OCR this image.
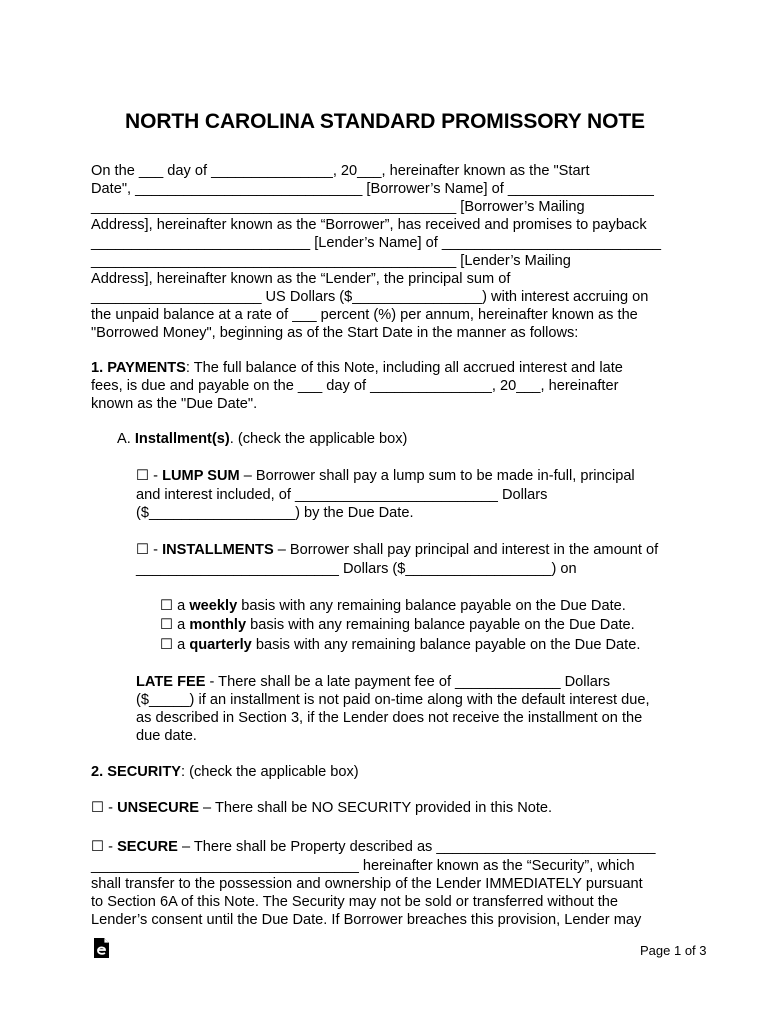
NORTH CAROLINA STANDARD PROMISSORY NOTE
On the ___ day of _______________, 20___, hereinafter known as the "Start
Date", ____________________________ [Borrower’s Name] of __________________
_____________________________________________ [Borrower’s Mailing
Address], hereinafter known as the “Borrower”, has received and promises to payback
___________________________ [Lender’s Name] of ___________________________
_____________________________________________ [Lender’s Mailing
Address], hereinafter known as the “Lender”, the principal sum of
_____________________ US Dollars ($________________) with interest accruing on
the unpaid balance at a rate of ___ percent (%) per annum, hereinafter known as the
"Borrowed Money", beginning as of the Start Date in the manner as follows:
1. PAYMENTS: The full balance of this Note, including all accrued interest and late
fees, is due and payable on the ___ day of _______________, 20___, hereinafter
known as the "Due Date".
A. Installment(s). (check the applicable box)
☐ - LUMP SUM – Borrower shall pay a lump sum to be made in-full, principal
and interest included, of _________________________ Dollars
($__________________) by the Due Date.
☐ - INSTALLMENTS – Borrower shall pay principal and interest in the amount of
_________________________ Dollars ($__________________) on
☐ a weekly basis with any remaining balance payable on the Due Date.
☐ a monthly basis with any remaining balance payable on the Due Date.
☐ a quarterly basis with any remaining balance payable on the Due Date.
LATE FEE - There shall be a late payment fee of _____________ Dollars
($_____) if an installment is not paid on-time along with the default interest due,
as described in Section 3, if the Lender does not receive the installment on the
due date.
2. SECURITY: (check the applicable box)
☐ - UNSECURE – There shall be NO SECURITY provided in this Note.
☐ - SECURE – There shall be Property described as ___________________________
_________________________________ hereinafter known as the “Security”, which
shall transfer to the possession and ownership of the Lender IMMEDIATELY pursuant
to Section 6A of this Note. The Security may not be sold or transferred without the
Lender’s consent until the Due Date. If Borrower breaches this provision, Lender may
Page 1 of 3
